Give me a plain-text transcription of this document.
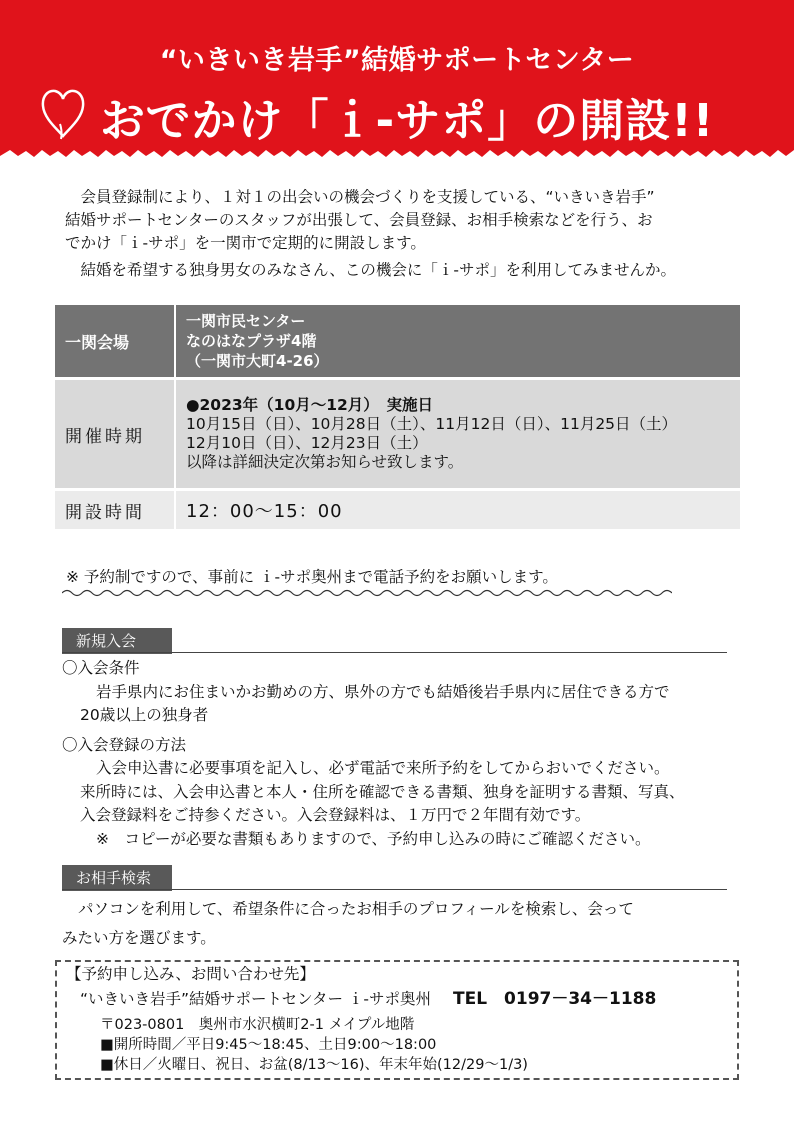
“いきいき岩手”結婚サポートセンター
おでかけ「ｉ-サポ」の開設!!
　会員登録制により、１対１の出会いの機会づくりを支援している、“いきいき岩手”
結婚サポートセンターのスタッフが出張して、会員登録、お相手検索などを行う、お
でかけ「ｉ-サポ」を一関市で定期的に開設します。
　結婚を希望する独身男女のみなさん、この機会に「ｉ-サポ」を利用してみませんか。
一関会場	一関市民センター
なのはなプラザ4階
（一関市大町4-26）

開催時期	●2023年（10月～12月）　実施日
10月15日（日）、10月28日（土）、11月12日（日）、11月25日（土）
12月10日（日）、12月23日（土）
以降は詳細決定次第お知らせ致します。

開設時間	12：00～15：00
※ 予約制ですので、事前に ｉ-サポ奥州まで電話予約をお願いします。
新規入会
〇入会条件
岩手県内にお住まいかお勤めの方、県外の方でも結婚後岩手県内に居住できる方で
20歳以上の独身者
〇入会登録の方法
入会申込書に必要事項を記入し、必ず電話で来所予約をしてからおいでください。
来所時には、入会申込書と本人・住所を確認できる書類、独身を証明する書類、写真、
入会登録料をご持参ください。入会登録料は、１万円で２年間有効です。
※　コピーが必要な書類もありますので、予約申し込みの時にご確認ください。
お相手検索
パソコンを利用して、希望条件に合ったお相手のプロフィールを検索し、会って
みたい方を選びます。
【予約申し込み、お問い合わせ先】
“いきいき岩手”結婚サポートセンター ｉ-サポ奥州 TEL　0197－34－1188
〒023-0801　奥州市水沢横町2-1 メイプル地階
■開所時間／平日9:45～18:45、土日9:00～18:00
■休日／火曜日、祝日、お盆(8/13～16)、年末年始(12/29～1/3)
